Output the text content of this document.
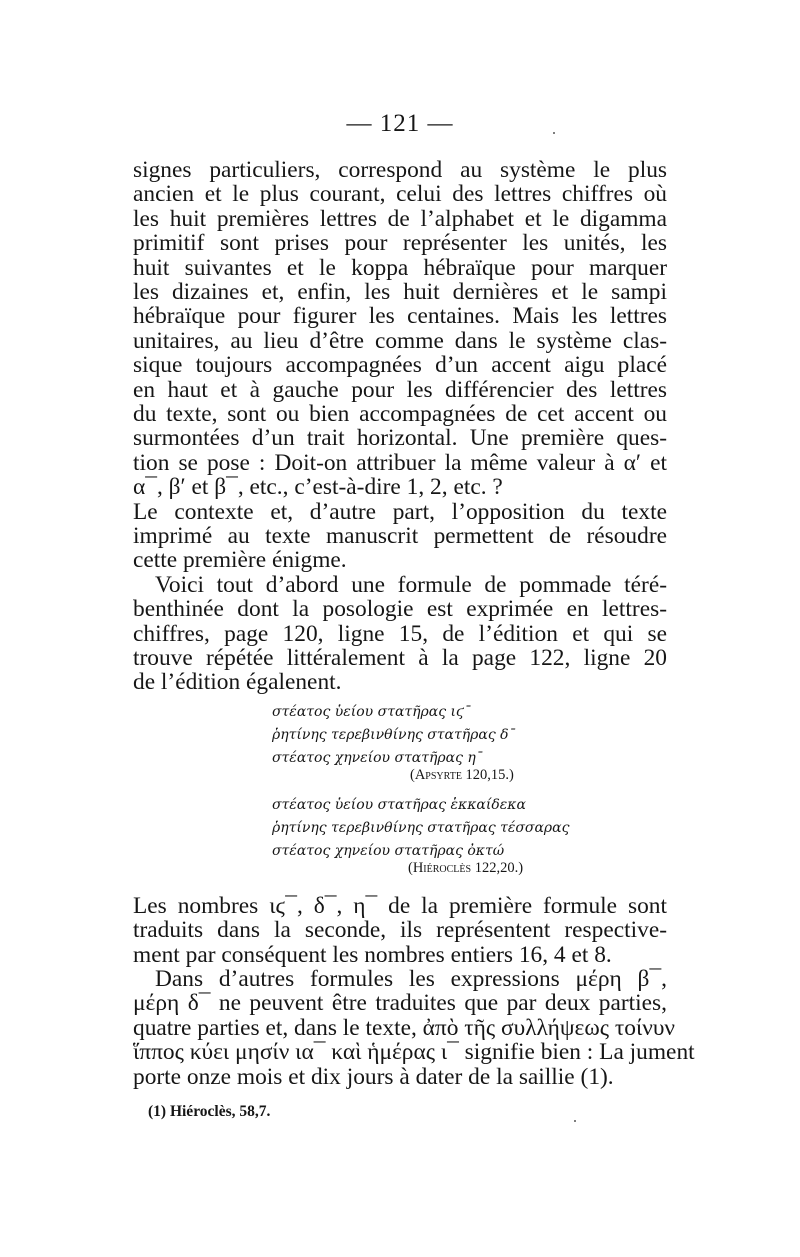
— 121 —
signes particuliers, correspond au système le plus
ancien et le plus courant, celui des lettres chiffres où
les huit premières lettres de l’alphabet et le digamma
primitif sont prises pour représenter les unités, les
huit suivantes et le koppa hébraïque pour marquer
les dizaines et, enfin, les huit dernières et le sampi
hébraïque pour figurer les centaines. Mais les lettres
unitaires, au lieu d’être comme dans le système clas-
sique toujours accompagnées d’un accent aigu placé
en haut et à gauche pour les différencier des lettres
du texte, sont ou bien accompagnées de cet accent ou
surmontées d’un trait horizontal. Une première ques-
tion se pose : Doit-on attribuer la même valeur à α′ et
α¯, β′ et β¯, etc., c’est-à-dire 1, 2, etc. ?
Le contexte et, d’autre part, l’opposition du texte
imprimé au texte manuscrit permettent de résoudre
cette première énigme.
Voici tout d’abord une formule de pommade téré-
benthinée dont la posologie est exprimée en lettres-
chiffres, page 120, ligne 15, de l’édition et qui se
trouve répétée littéralement à la page 122, ligne 20
de l’édition égalenent.
στέατος ὑείου στατῆρας ιϛ¯
ῥητίνης τερεβινθίνης στατῆρας δ¯
στέατος χηνείου στατῆρας η¯
(Apsyrte 120,15.)
στέατος ὑείου στατῆρας ἑκκαίδεκα
ῥητίνης τερεβινθίνης στατῆρας τέσσαρας
στέατος χηνείου στατῆρας ὀκτώ
(Hiéroclès 122,20.)
Les nombres ιϛ¯, δ¯, η¯ de la première formule sont
traduits dans la seconde, ils représentent respective-
ment par conséquent les nombres entiers 16, 4 et 8.
Dans d’autres formules les expressions μέρη β¯,
μέρη δ¯ ne peuvent être traduites que par deux parties,
quatre parties et, dans le texte, ἀπὸ τῆς συλλήψεως τοίνυν
ἵππος κύει μησίν ια¯ καὶ ἡμέρας ι¯ signifie bien : La jument
porte onze mois et dix jours à dater de la saillie (1).
(1) Hiéroclès, 58,7.
